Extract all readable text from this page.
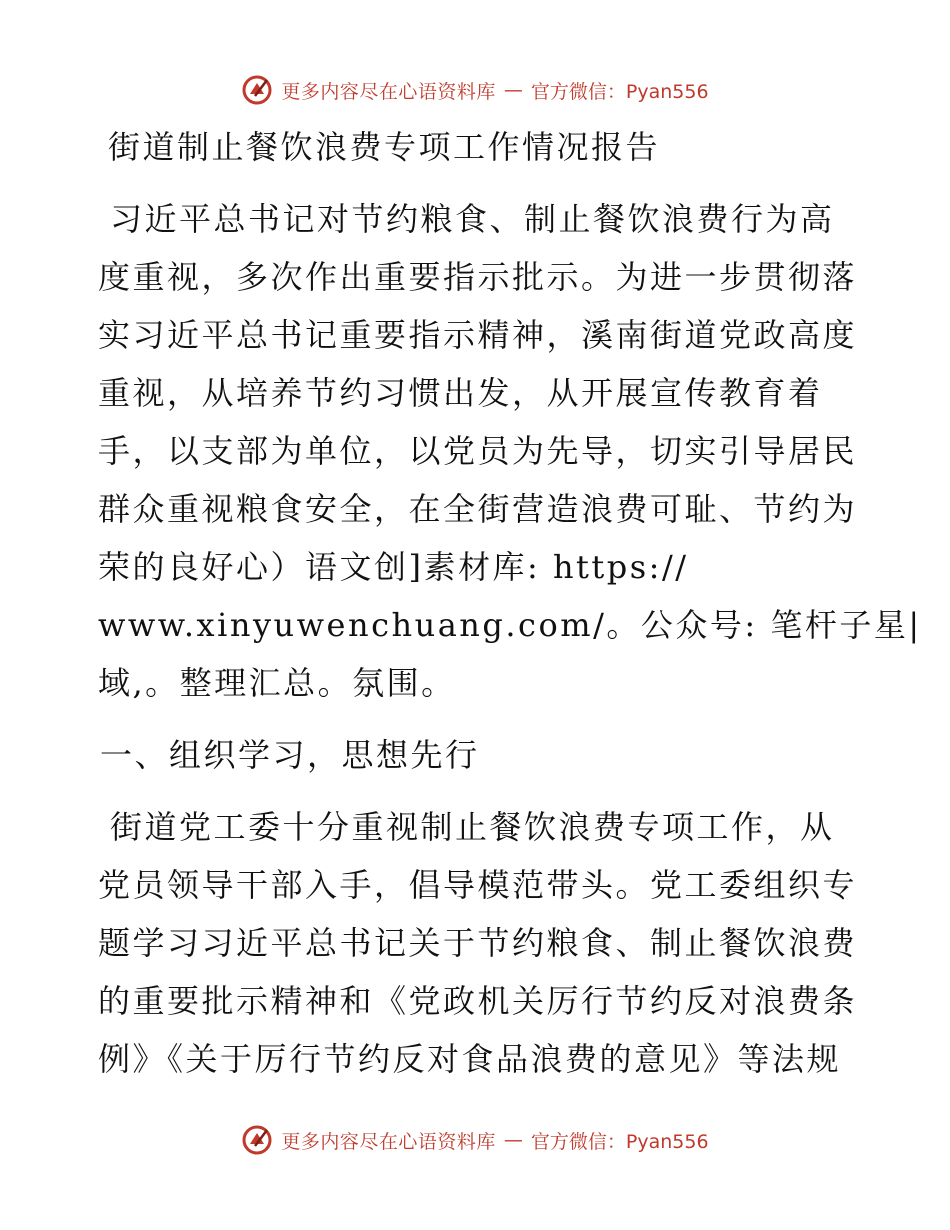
更多内容尽在心语资料库 — 官方微信：Pyan556
街道制止餐饮浪费专项工作情况报告
习近平总书记对节约粮食、制止餐饮浪费行为高
度重视，多次作出重要指示批示。为进一步贯彻落
实习近平总书记重要指示精神，溪南街道党政高度
重视，从培养节约习惯出发，从开展宣传教育着
手，以支部为单位，以党员为先导，切实引导居民
群众重视粮食安全，在全街营造浪费可耻、节约为
荣的良好心）语文创]素材库: https://
www.xinyuwenchuang.com/。公众号: 笔杆子星|
域,。整理汇总。氛围。
一、组织学习，思想先行
街道党工委十分重视制止餐饮浪费专项工作，从
党员领导干部入手，倡导模范带头。党工委组织专
题学习习近平总书记关于节约粮食、制止餐饮浪费
的重要批示精神和《党政机关厉行节约反对浪费条
例》《关于厉行节约反对食品浪费的意见》等法规
更多内容尽在心语资料库 — 官方微信：Pyan556
